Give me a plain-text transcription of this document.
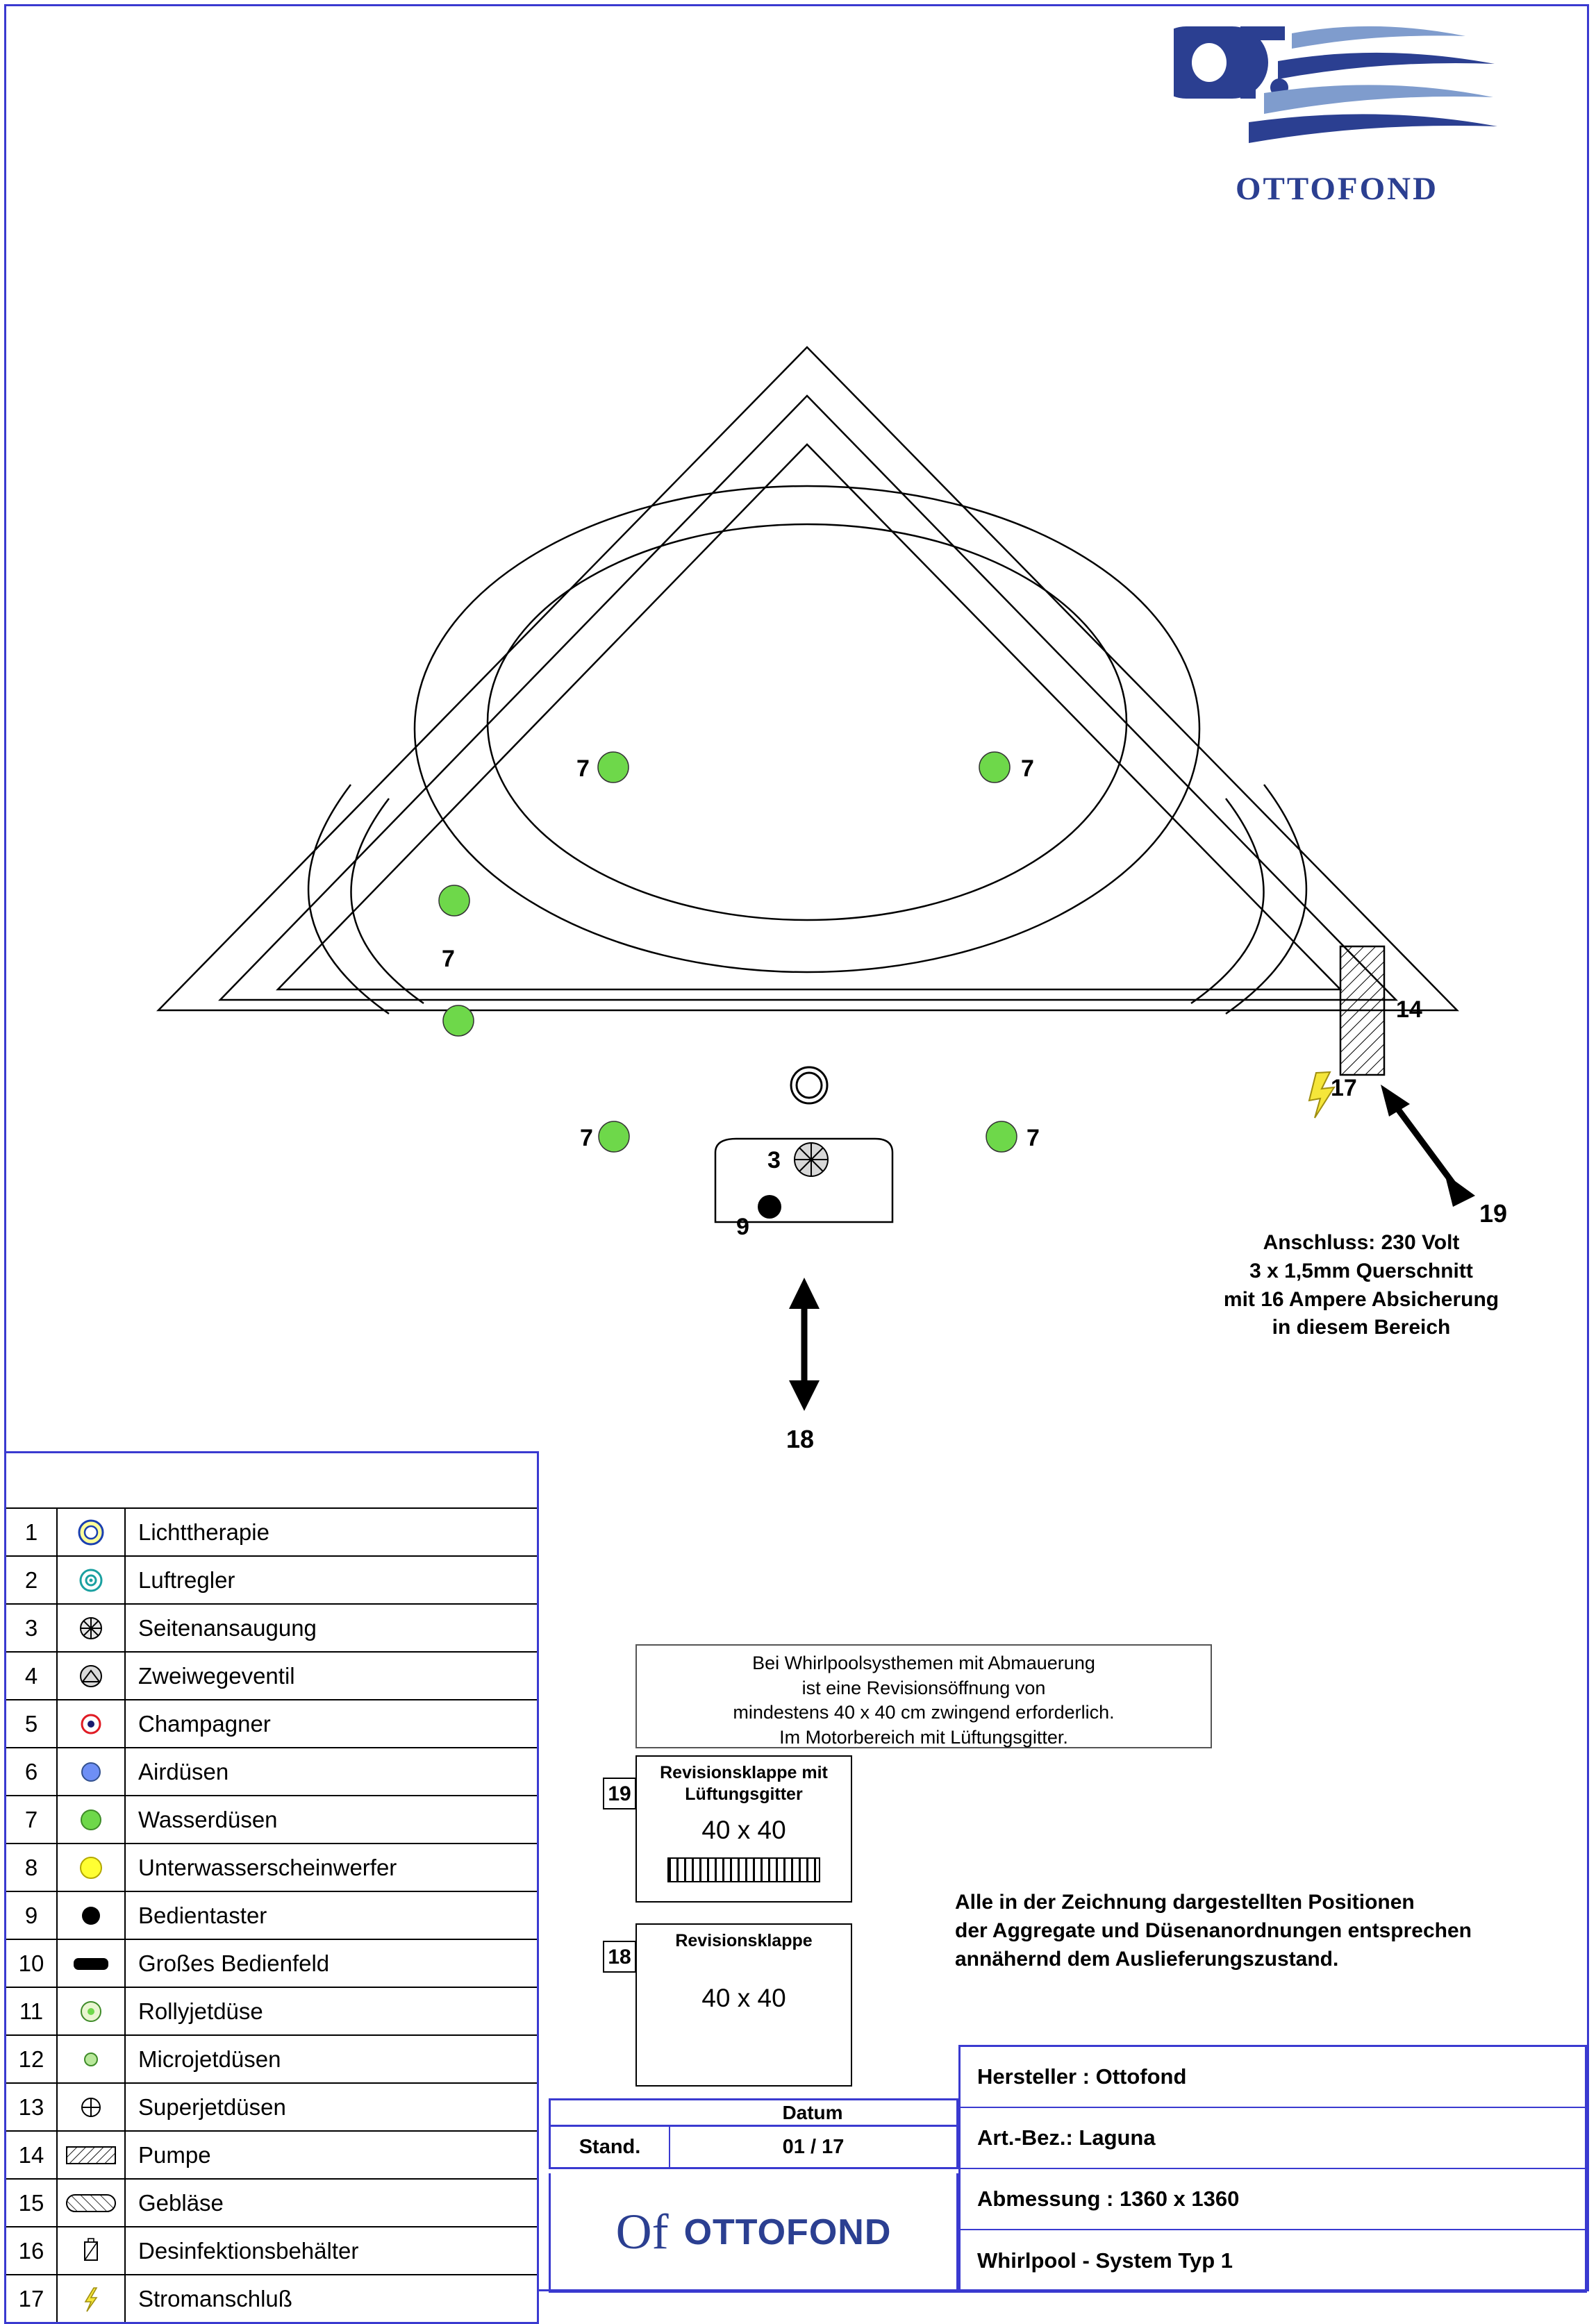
OTTOFOND
7	7
7
7	7
3
9
14
17
19
18
Anschluss: 230 Volt
3 x 1,5mm Querschnitt
mit 16 Ampere Absicherung
in diesem Bereich
1	Lichttherapie
2	Luftregler
3	Seitenansaugung
4	Zweiwegeventil
5	Champagner
6	Airdüsen
7	Wasserdüsen
8	Unterwasserscheinwerfer
9	Bedientaster
10	Großes Bedienfeld
11	Rollyjetdüse
12	Microjetdüsen
13	Superjetdüsen
14	Pumpe
15	Gebläse
16	Desinfektionsbehälter
17	Stromanschluß
Bei Whirlpoolsysthemen mit Abmauerung
ist eine Revisionsöffnung von
mindestens 40 x 40 cm zwingend erforderlich.
Im Motorbereich mit Lüftungsgitter.
19
Revisionsklappe mit
Lüftungsgitter
40 x 40
18
Revisionsklappe
40 x 40
Alle in der Zeichnung dargestellten Positionen
der Aggregate und Düsenanordnungen entsprechen
annähernd dem Auslieferungszustand.
Datum
Stand.	01 / 17
Of OTTOFOND
Hersteller : Ottofond
Art.-Bez.: Laguna
Abmessung : 1360 x 1360
Whirlpool - System Typ 1
